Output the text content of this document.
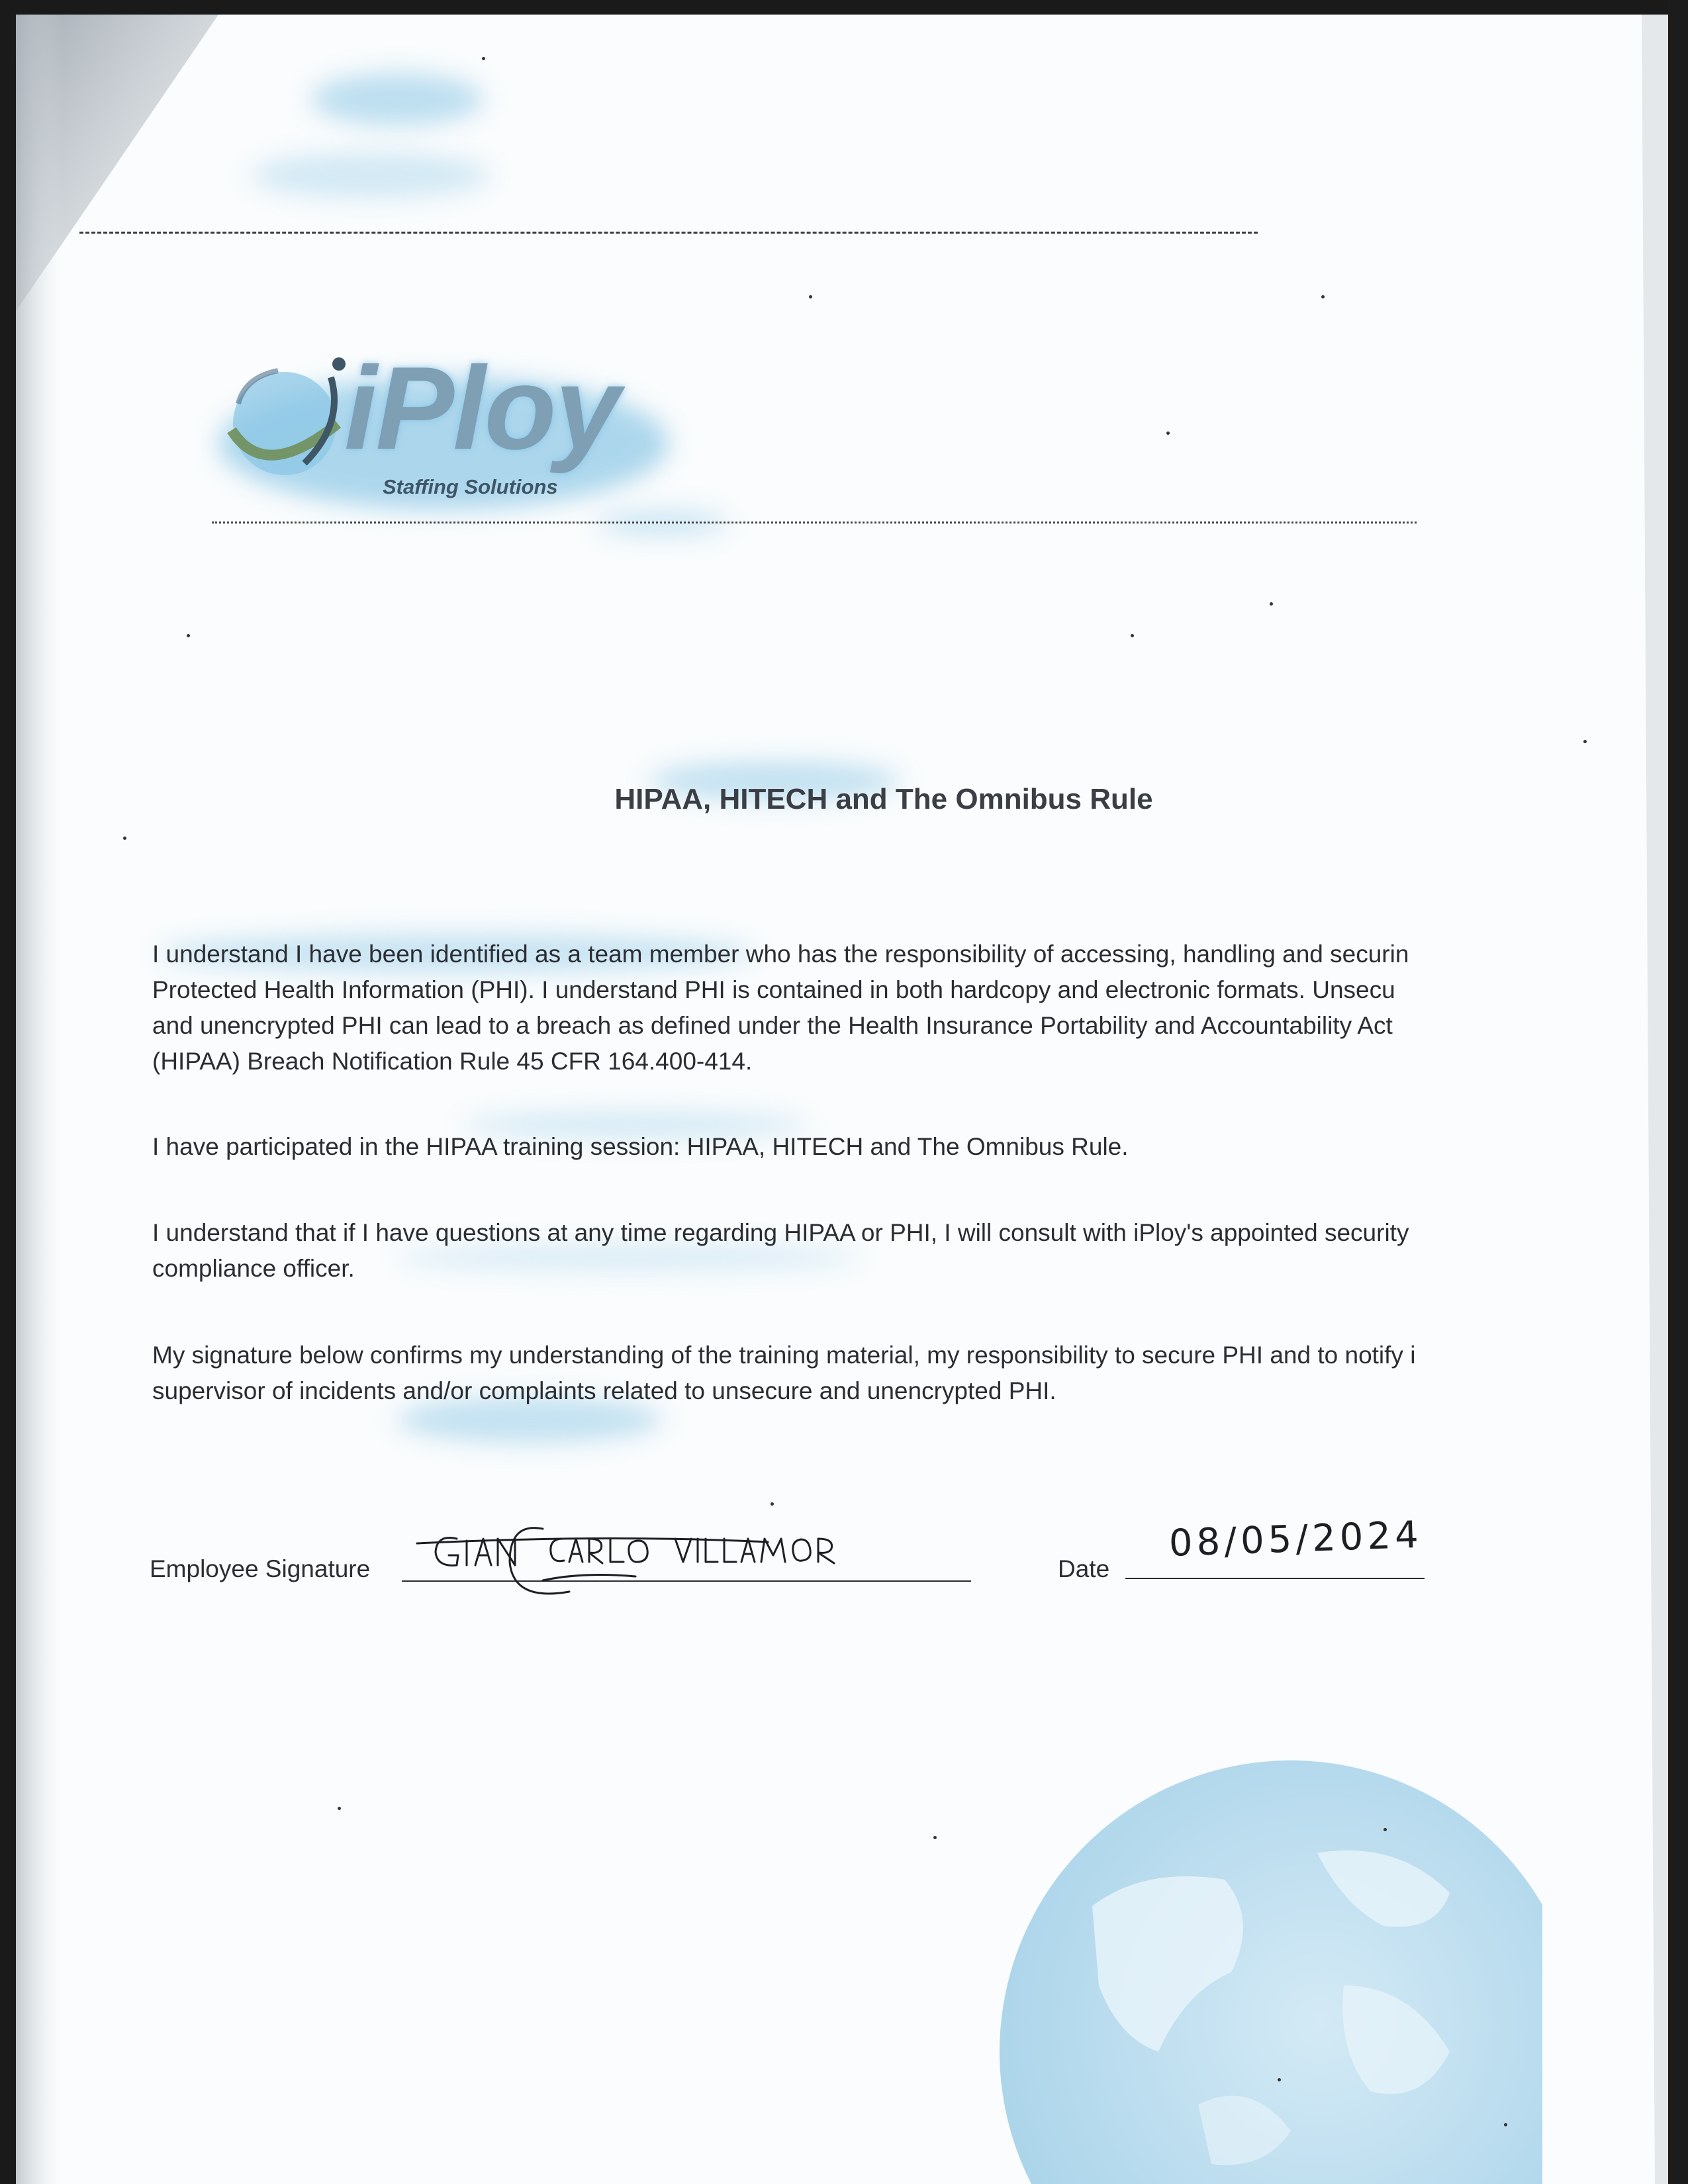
iPloy
Staffing Solutions
HIPAA, HITECH and The Omnibus Rule
I understand I have been identified as a team member who has the responsibility of accessing, handling and securin
Protected Health Information (PHI). I understand PHI is contained in both hardcopy and electronic formats. Unsecu
and unencrypted PHI can lead to a breach as defined under the Health Insurance Portability and Accountability Act
(HIPAA) Breach Notification Rule 45 CFR 164.400-414.
I have participated in the HIPAA training session: HIPAA, HITECH and The Omnibus Rule.
I understand that if I have questions at any time regarding HIPAA or PHI, I will consult with iPloy's appointed security
compliance officer.
My signature below confirms my understanding of the training material, my responsibility to secure PHI and to notify i
supervisor of incidents and/or complaints related to unsecure and unencrypted PHI.
Employee Signature
GIAN CARLO VILLAMOR
Date
08/05/2024
